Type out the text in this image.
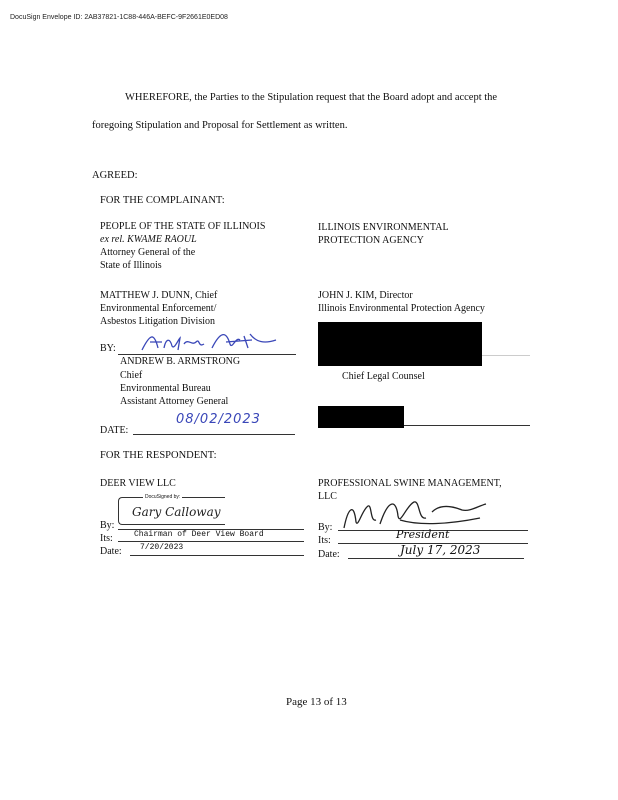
DocuSign Envelope ID: 2AB37821-1C88-446A-BEFC-9F2661E0ED08
WHEREFORE, the Parties to the Stipulation request that the Board adopt and accept the
foregoing Stipulation and Proposal for Settlement as written.
AGREED:
FOR THE COMPLAINANT:
PEOPLE OF THE STATE OF ILLINOIS
ex rel. KWAME RAOUL
Attorney General of the
State of Illinois
MATTHEW J. DUNN, Chief
Environmental Enforcement/
Asbestos Litigation Division
BY:
ANDREW B. ARMSTRONG
Chief
Environmental Bureau
Assistant Attorney General
DATE:
08/02/2023
ILLINOIS ENVIRONMENTAL
PROTECTION AGENCY
JOHN J. KIM, Director
Illinois Environmental Protection Agency
Chief Legal Counsel
FOR THE RESPONDENT:
DEER VIEW LLC
DocuSigned by:
Gary Calloway
By:
Its:	Chairman of Deer View Board
Date: 7/20/2023
PROFESSIONAL SWINE MANAGEMENT,
LLC
By:
Its:	President
Date:	July 17, 2023
Page 13 of 13
